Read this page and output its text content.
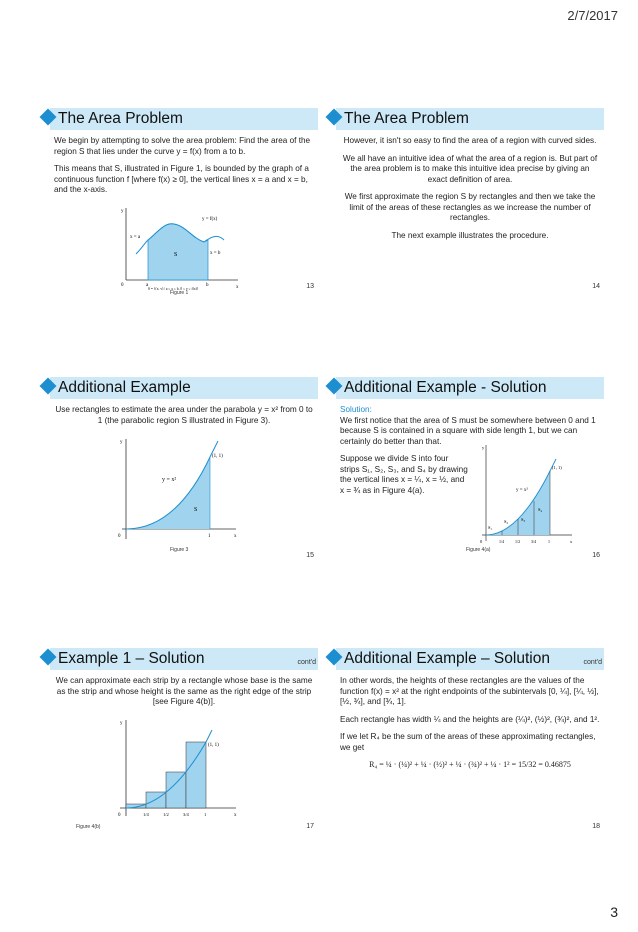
2/7/2017
The Area Problem

We begin by attempting to solve the area problem: Find the area of the region S that lies under the curve y = f(x) from a to b.

This means that S, illustrated in Figure 1, is bounded by the graph of a continuous function f [where f(x) ≥ 0], the vertical lines x = a and x = b, and the x-axis.

y
x
0	a	b
y = f(x)
S
x = a
x = b
S = {(x, y) | a ≤ x ≤ b, 0 ≤ y ≤ f(x)}
Figure 1
13
The Area Problem

However, it isn't so easy to find the area of a region with curved sides.

We all have an intuitive idea of what the area of a region is. But part of the area problem is to make this intuitive idea precise by giving an exact definition of area.

We first approximate the region S by rectangles and then we take the limit of the areas of these rectangles as we increase the number of rectangles.

The next example illustrates the procedure.

14
Additional Example

Use rectangles to estimate the area under the parabola y = x² from 0 to 1 (the parabolic region S illustrated in Figure 3).

y
x
0	1
y = x²
S
(1, 1)
Figure 3
15
Additional Example - Solution
Solution:

We first notice that the area of S must be somewhere between 0 and 1 because S is contained in a square with side length 1, but we can certainly do better than that.

Suppose we divide S into four strips S₁, S₂, S₃, and S₄ by drawing the vertical lines x = ¼, x = ½, and x = ¾ as in Figure 4(a).

y
x
0
y = x²
(1, 1)
1/4	1/2	3/4	1
S₁
S₂	S₃
S₄
Figure 4(a)
16
Example 1 – Solution	cont'd

We can approximate each strip by a rectangle whose base is the same as the strip and whose height is the same as the right edge of the strip [see Figure 4(b)].

y
x
0
(1, 1)
1/4	1/2	3/4	1
Figure 4(b)	17
Additional Example – Solution	cont'd

In other words, the heights of these rectangles are the values of the function f(x) = x² at the right endpoints of the subintervals [0, ¼], [¼, ½], [½, ¾], and [¾, 1].

Each rectangle has width ¼ and the heights are (¼)², (½)², (¾)², and 1².

If we let R₄ be the sum of the areas of these approximating rectangles, we get

R₄ = ¼ · (¼)² + ¼ · (½)² + ¼ · (¾)² + ¼ · 1² = 15/32 = 0.46875

18
3
